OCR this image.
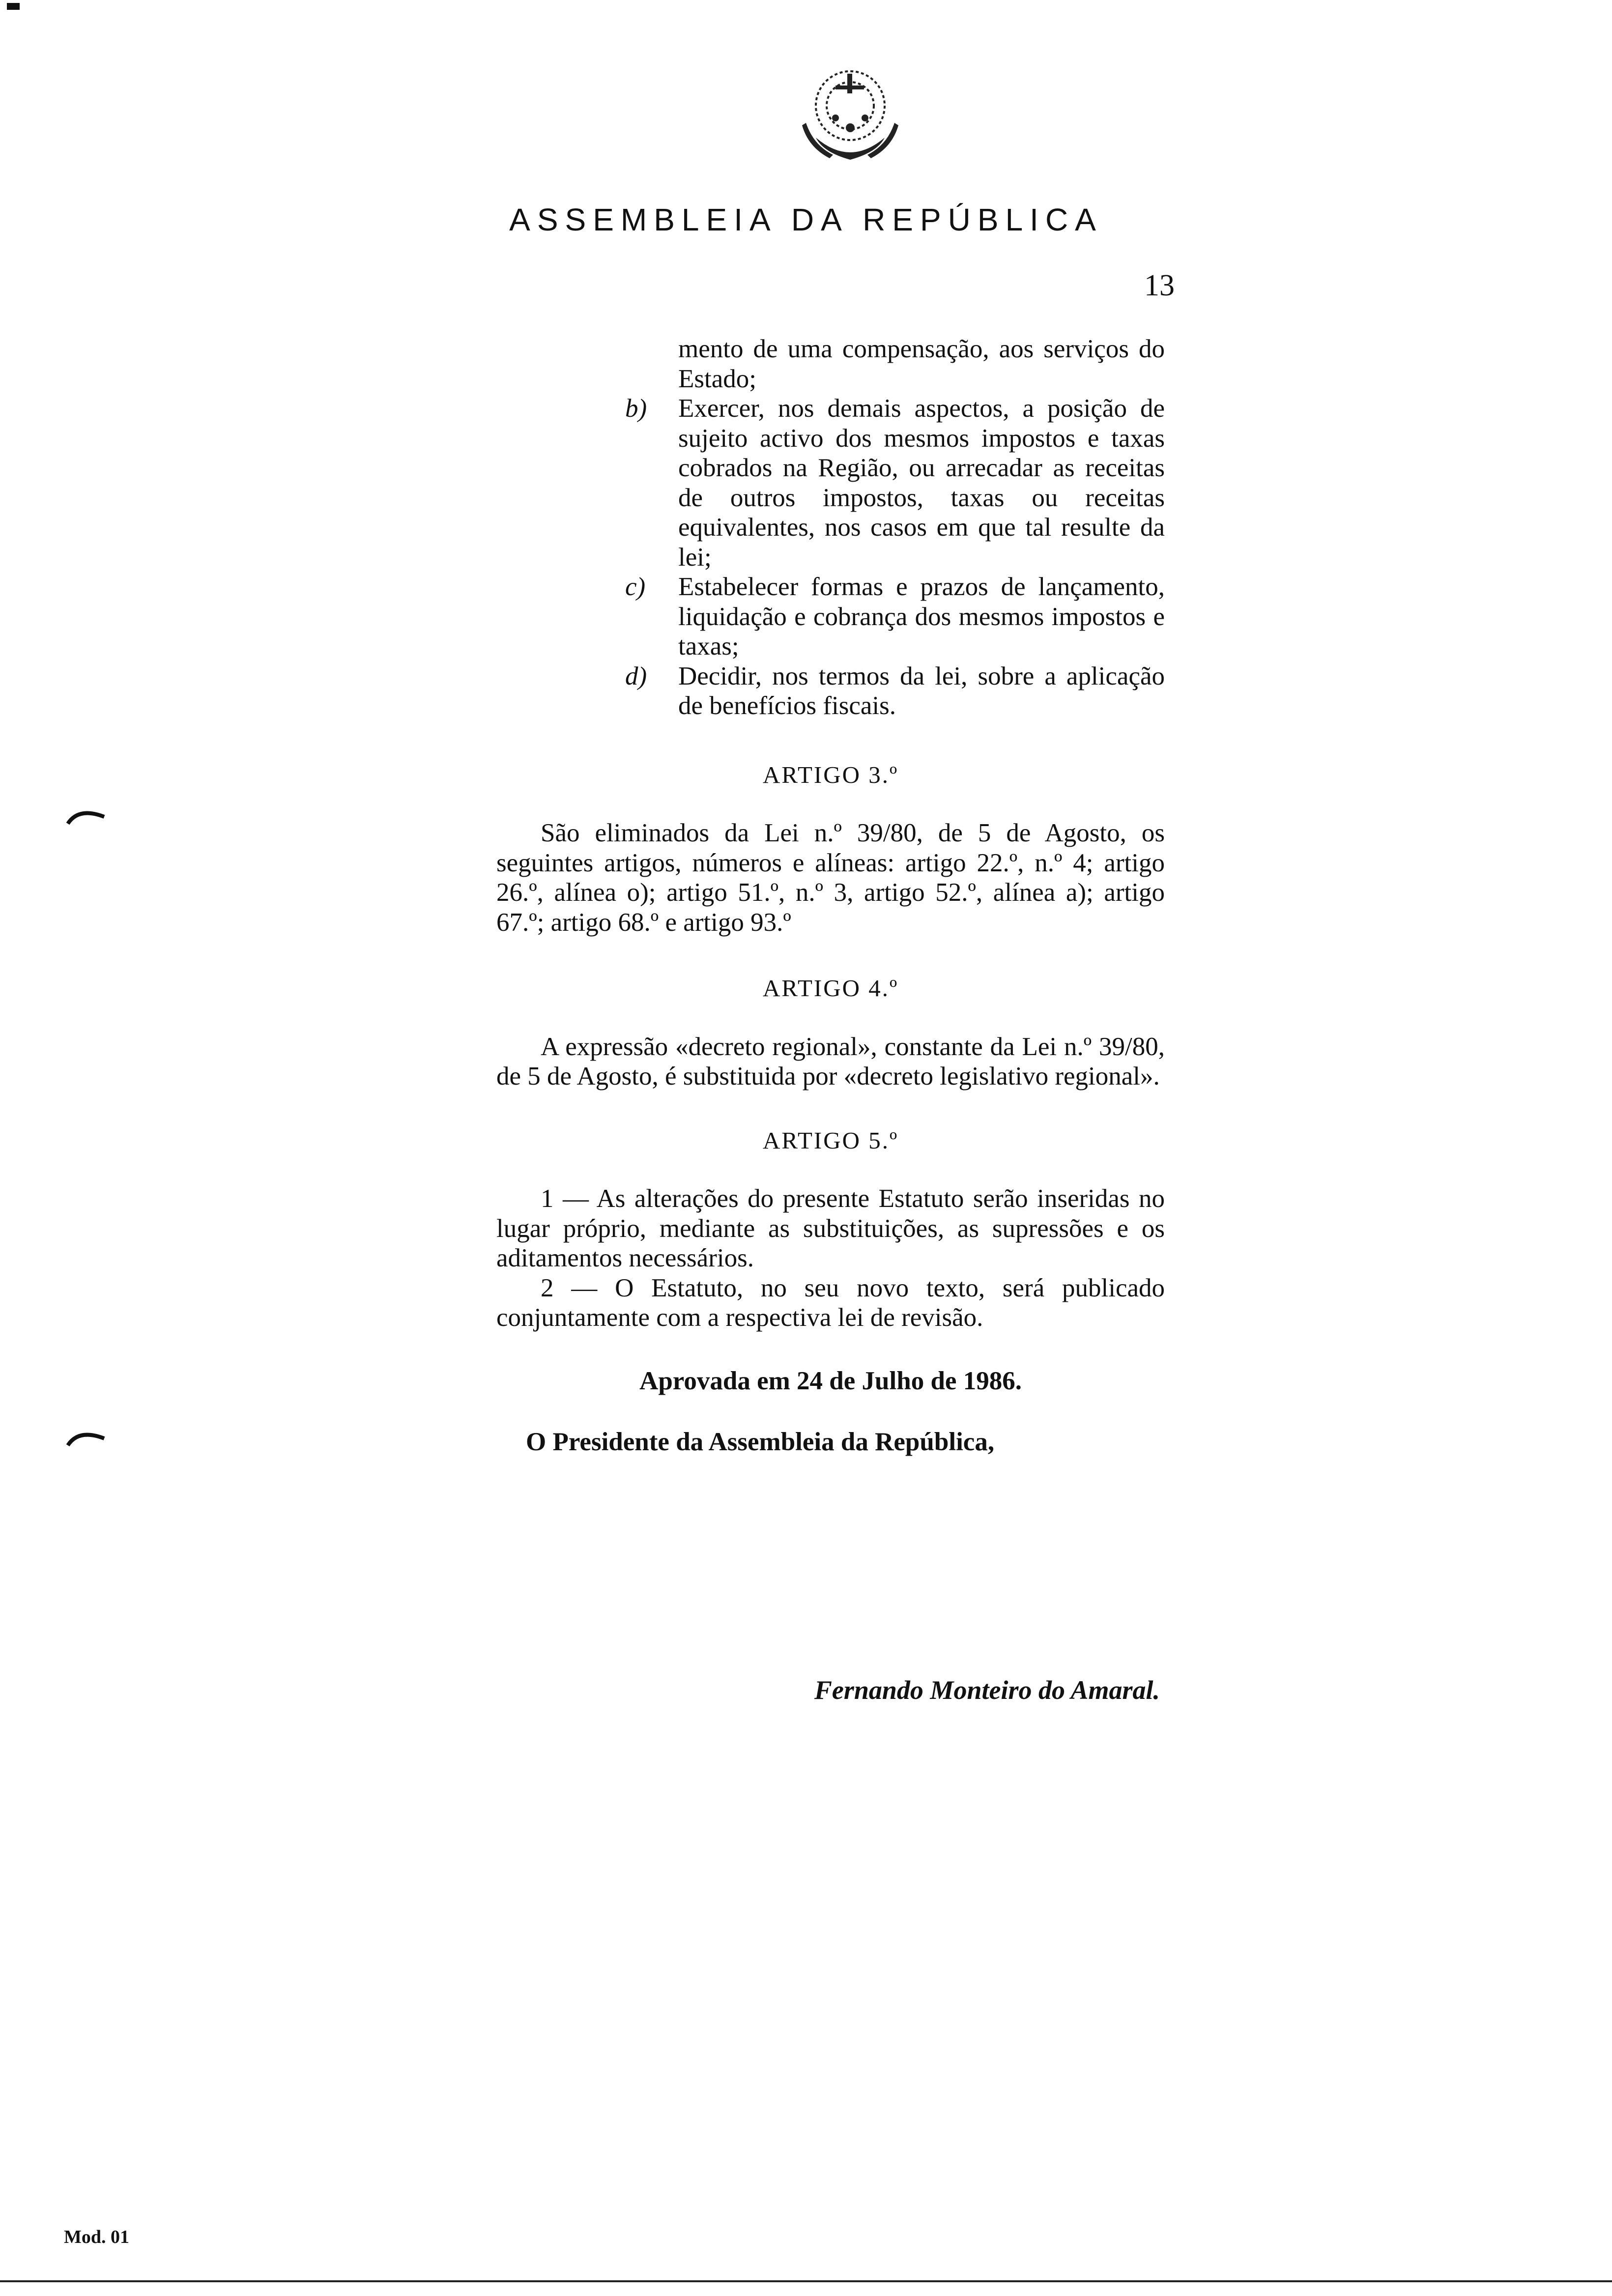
ASSEMBLEIA DA REPÚBLICA
13

mento de uma compensação, aos serviços do Estado;

b) Exercer, nos demais aspectos, a posição de sujeito activo dos mesmos impostos e taxas cobrados na Região, ou arrecadar as receitas de outros impostos, taxas ou receitas equivalentes, nos casos em que tal resulte da lei;

c) Estabelecer formas e prazos de lançamento, liquidação e cobrança dos mesmos impostos e taxas;

d) Decidir, nos termos da lei, sobre a aplicação de benefícios fiscais.

ARTIGO 3.º

São eliminados da Lei n.º 39/80, de 5 de Agosto, os seguintes artigos, números e alíneas: artigo 22.º, n.º 4; artigo 26.º, alínea o); artigo 51.º, n.º 3, artigo 52.º, alínea a); artigo 67.º; artigo 68.º e artigo 93.º

ARTIGO 4.º

A expressão «decreto regional», constante da Lei n.º 39/80, de 5 de Agosto, é substituida por «decreto legislativo regional».

ARTIGO 5.º

1 — As alterações do presente Estatuto serão inseridas no lugar próprio, mediante as substituições, as supressões e os aditamentos necessários.

2 — O Estatuto, no seu novo texto, será publicado conjuntamente com a respectiva lei de revisão.

Aprovada em 24 de Julho de 1986.

O Presidente da Assembleia da República,

Fernando Monteiro do Amaral.
Mod. 01
